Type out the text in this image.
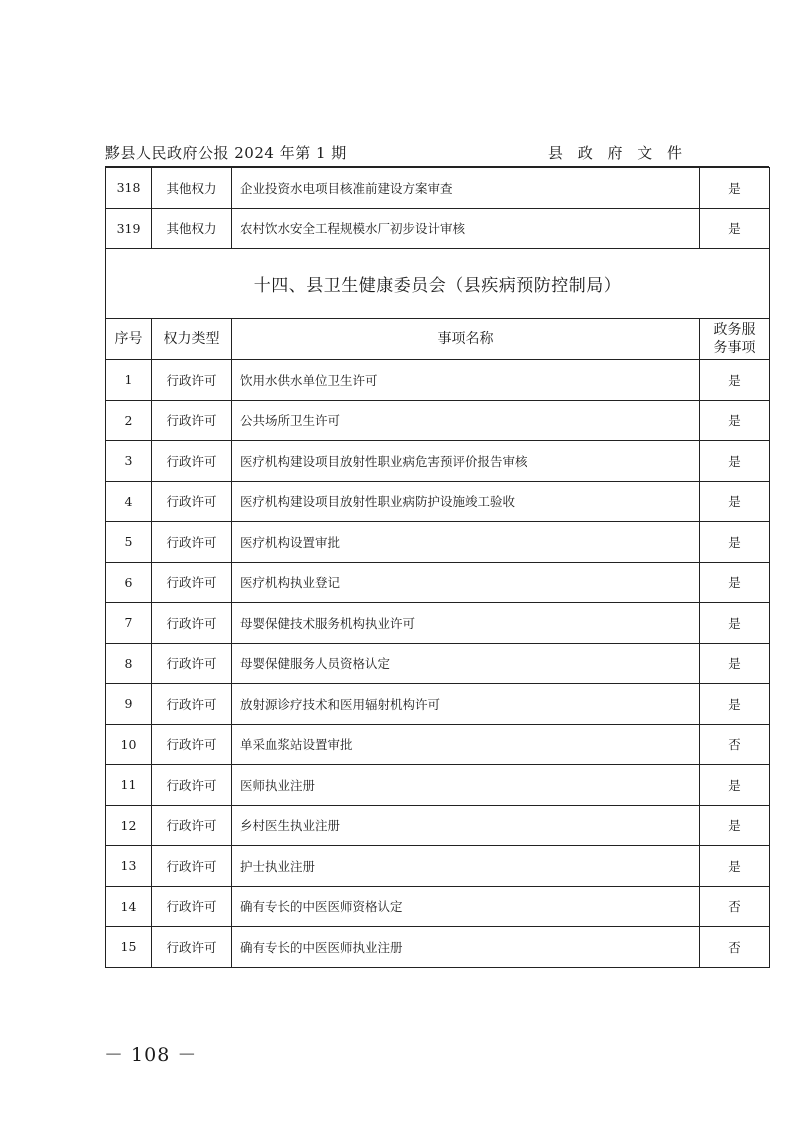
黟县人民政府公报 2024 年第 1 期	县 政 府 文 件
318	其他权力	企业投资水电项目核准前建设方案审查	是
319	其他权力	农村饮水安全工程规模水厂初步设计审核	是
十四、县卫生健康委员会（县疾病预防控制局）			
序号	权力类型	事项名称	政务服
务事项
1	行政许可	饮用水供水单位卫生许可	是
2	行政许可	公共场所卫生许可	是
3	行政许可	医疗机构建设项目放射性职业病危害预评价报告审核	是
4	行政许可	医疗机构建设项目放射性职业病防护设施竣工验收	是
5	行政许可	医疗机构设置审批	是
6	行政许可	医疗机构执业登记	是
7	行政许可	母婴保健技术服务机构执业许可	是
8	行政许可	母婴保健服务人员资格认定	是
9	行政许可	放射源诊疗技术和医用辐射机构许可	是
10	行政许可	单采血浆站设置审批	否
11	行政许可	医师执业注册	是
12	行政许可	乡村医生执业注册	是
13	行政许可	护士执业注册	是
14	行政许可	确有专长的中医医师资格认定	否
15	行政许可	确有专长的中医医师执业注册	否
－ 108 －
